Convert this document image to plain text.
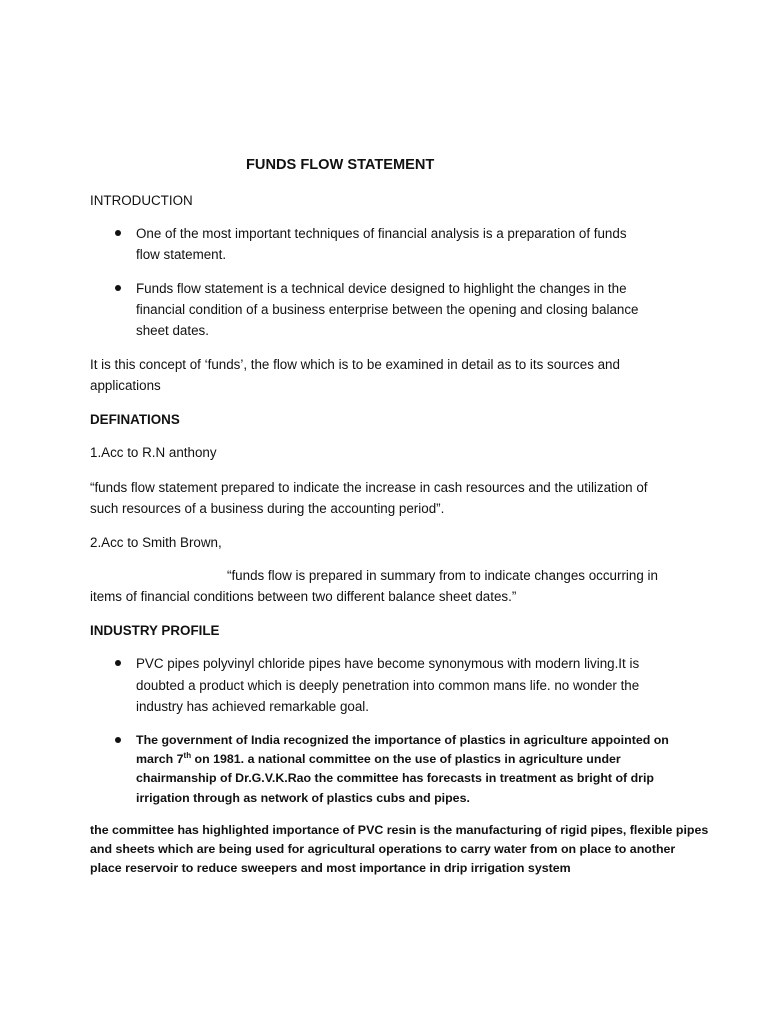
FUNDS FLOW STATEMENT
INTRODUCTION
One of the most important techniques of financial analysis is a preparation of funds
flow statement.
Funds flow statement is a technical device designed to highlight the changes in the
financial condition of a business enterprise between the opening and closing balance
sheet dates.
It is this concept of ‘funds’, the flow which is to be examined in detail as to its sources and
applications
DEFINATIONS
1.Acc to R.N anthony
“funds flow statement prepared to indicate the increase in cash resources and the utilization of
such resources of a business during the accounting period”.
2.Acc to Smith Brown,
“funds flow is prepared in summary from to indicate changes occurring in
items of financial conditions between two different balance sheet dates.”
INDUSTRY PROFILE
PVC pipes polyvinyl chloride pipes have become synonymous with modern living.It is
doubted a product which is deeply penetration into common mans life. no wonder the
industry has achieved remarkable goal.
The government of India recognized the importance of plastics in agriculture appointed on
march 7th on 1981. a national committee on the use of plastics in agriculture under
chairmanship of Dr.G.V.K.Rao the committee has forecasts in treatment as bright of drip
irrigation through as network of plastics cubs and pipes.
the committee has highlighted importance of PVC resin is the manufacturing of rigid pipes, flexible pipes
and sheets which are being used for agricultural operations to carry water from on place to another
place reservoir to reduce sweepers and most importance in drip irrigation system
